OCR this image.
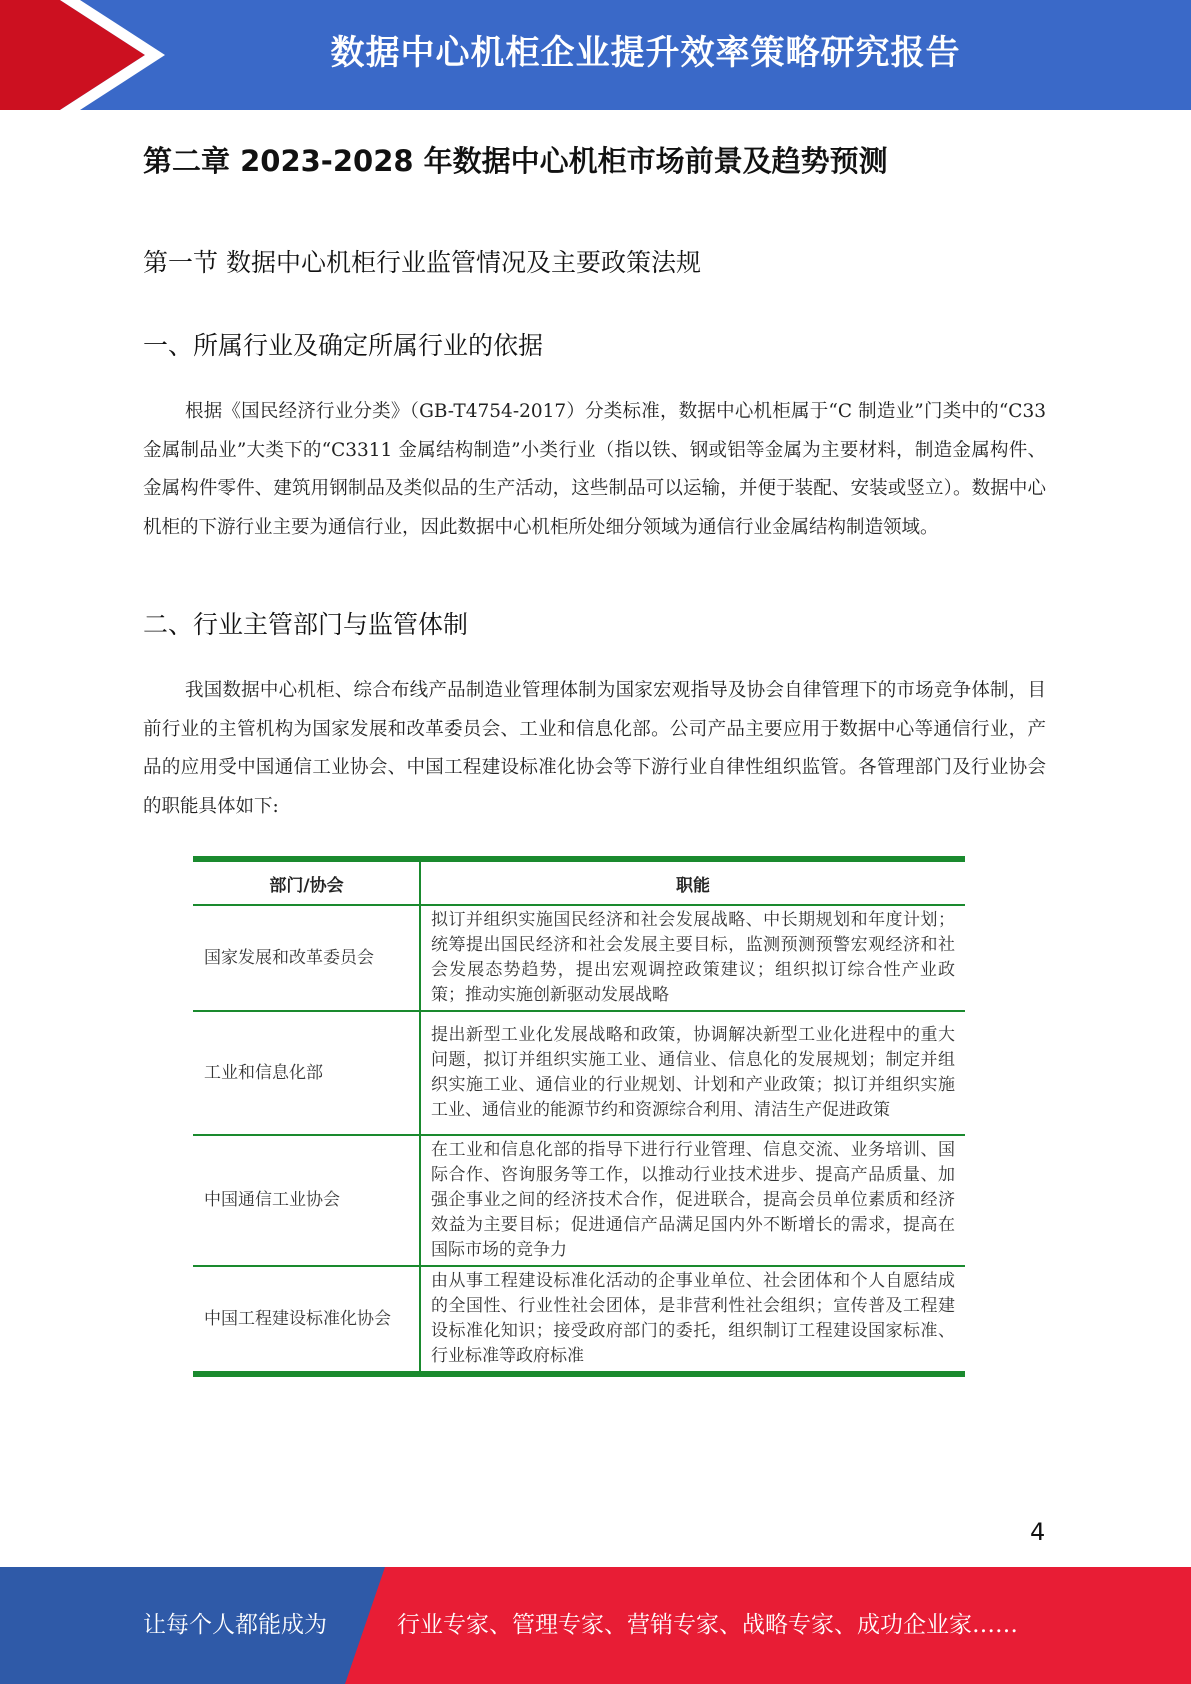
数据中心机柜企业提升效率策略研究报告
第二章 2023-2028 年数据中心机柜市场前景及趋势预测
第一节 数据中心机柜行业监管情况及主要政策法规
一、所属行业及确定所属行业的依据

根据《国民经济行业分类》（GB-T4754-2017）分类标准，数据中心机柜属于“C 制造业”门类中的“C33 金属制品业”大类下的“C3311 金属结构制造”小类行业（指以铁、钢或铝等金属为主要材料，制造金属构件、金属构件零件、建筑用钢制品及类似品的生产活动，这些制品可以运输，并便于装配、安装或竖立）。数据中心机柜的下游行业主要为通信行业，因此数据中心机柜所处细分领域为通信行业金属结构制造领域。

二、行业主管部门与监管体制

我国数据中心机柜、综合布线产品制造业管理体制为国家宏观指导及协会自律管理下的市场竞争体制，目前行业的主管机构为国家发展和改革委员会、工业和信息化部。公司产品主要应用于数据中心等通信行业，产品的应用受中国通信工业协会、中国工程建设标准化协会等下游行业自律性组织监管。各管理部门及行业协会的职能具体如下:

部门/协会	职能
国家发展和改革委员会	拟订并组织实施国民经济和社会发展战略、中长期规划和年度计划；统筹提出国民经济和社会发展主要目标，监测预测预警宏观经济和社会发展态势趋势，提出宏观调控政策建议；组织拟订综合性产业政策；推动实施创新驱动发展战略
工业和信息化部	提出新型工业化发展战略和政策，协调解决新型工业化进程中的重大问题，拟订并组织实施工业、通信业、信息化的发展规划；制定并组织实施工业、通信业的行业规划、计划和产业政策；拟订并组织实施工业、通信业的能源节约和资源综合利用、清洁生产促进政策
中国通信工业协会	在工业和信息化部的指导下进行行业管理、信息交流、业务培训、国际合作、咨询服务等工作，以推动行业技术进步、提高产品质量、加强企事业之间的经济技术合作，促进联合，提高会员单位素质和经济效益为主要目标；促进通信产品满足国内外不断增长的需求，提高在国际市场的竞争力
中国工程建设标准化协会	由从事工程建设标准化活动的企事业单位、社会团体和个人自愿结成的全国性、行业性社会团体，是非营利性社会组织；宣传普及工程建设标准化知识；接受政府部门的委托，组织制订工程建设国家标准、行业标准等政府标准
4
让每个人都能成为	行业专家、管理专家、营销专家、战略专家、成功企业家……
